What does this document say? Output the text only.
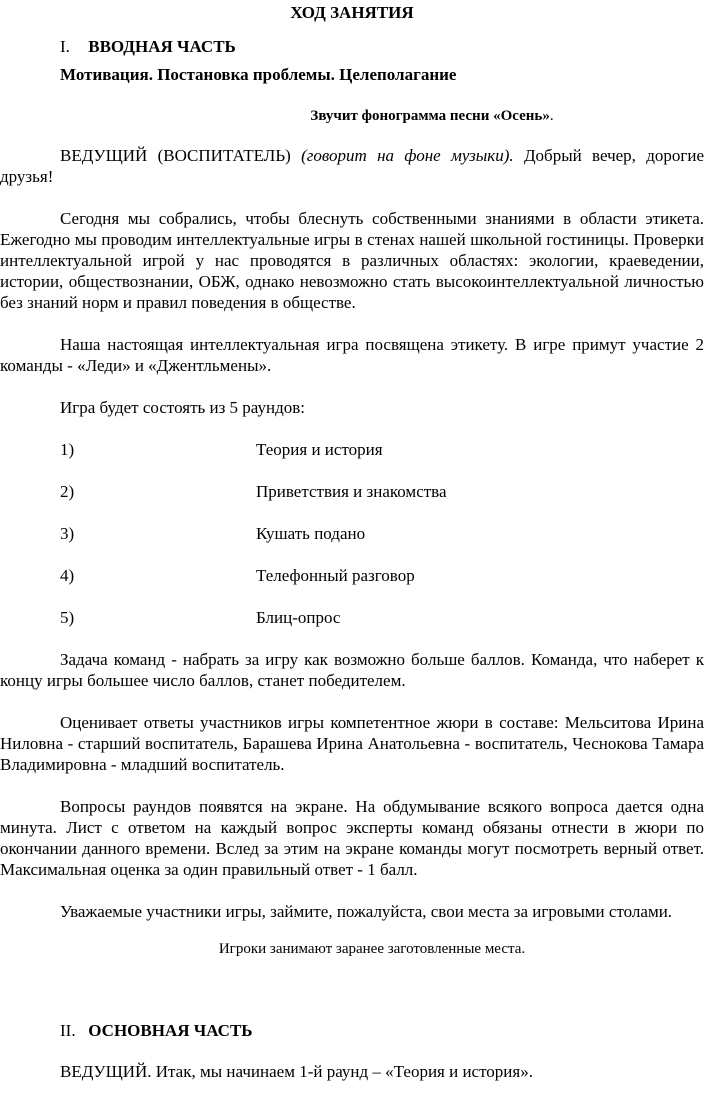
ХОД ЗАНЯТИЯ
I. ВВОДНАЯ ЧАСТЬ
Мотивация. Постановка проблемы. Целеполагание
Звучит фонограмма песни «Осень».
ВЕДУЩИЙ (ВОСПИТАТЕЛЬ) (говорит на фоне музыки). Добрый вечер, дорогие друзья!
Сегодня мы собрались, чтобы блеснуть собственными знаниями в области этикета. Ежегодно мы проводим интеллектуальные игры в стенах нашей школьной гостиницы. Проверки интеллектуальной игрой у нас проводятся в различных областях: экологии, краеведении, истории, обществознании, ОБЖ, однако невозможно стать высокоинтеллектуальной личностью без знаний норм и правил поведения в обществе.
Наша настоящая интеллектуальная игра посвящена этикету. В игре примут участие 2 команды - «Леди» и «Джентльмены».
Игра будет состоять из 5 раундов:
1)	Теория и история
2)	Приветствия и знакомства
3)	Кушать подано
4)	Телефонный разговор
5)	Блиц-опрос
Задача команд - набрать за игру как возможно больше баллов. Команда, что наберет к концу игры большее число баллов, станет победителем.
Оценивает ответы участников игры компетентное жюри в составе: Мельситова Ирина Ниловна - старший воспитатель, Барашева Ирина Анатольевна - воспитатель, Чеснокова Тамара Владимировна - младший воспитатель.
Вопросы раундов появятся на экране. На обдумывание всякого вопроса дается одна минута. Лист с ответом на каждый вопрос эксперты команд обязаны отнести в жюри по окончании данного времени. Вслед за этим на экране команды могут посмотреть верный ответ. Максимальная оценка за один правильный ответ - 1 балл.
Уважаемые участники игры, займите, пожалуйста, свои места за игровыми столами.
Игроки занимают заранее заготовленные места.
II. ОСНОВНАЯ ЧАСТЬ
ВЕДУЩИЙ. Итак, мы начинаем 1-й раунд – «Теория и история».
